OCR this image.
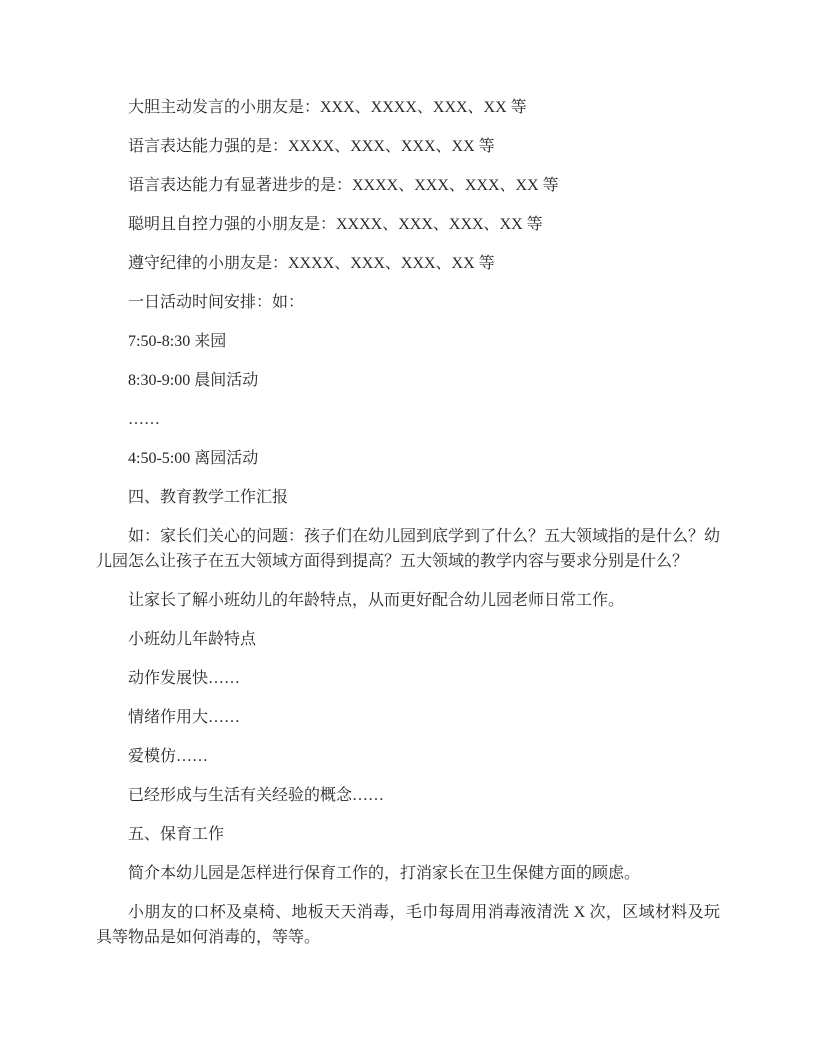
大胆主动发言的小朋友是：XXX、XXXX、XXX、XX 等

语言表达能力强的是：XXXX、XXX、XXX、XX 等

语言表达能力有显著进步的是：XXXX、XXX、XXX、XX 等

聪明且自控力强的小朋友是：XXXX、XXX、XXX、XX 等

遵守纪律的小朋友是：XXXX、XXX、XXX、XX 等

一日活动时间安排：如：

7:50-8:30 来园

8:30-9:00 晨间活动

……

4:50-5:00 离园活动

四、教育教学工作汇报

如：家长们关心的问题：孩子们在幼儿园到底学到了什么？五大领域指的是什么？幼儿园怎么让孩子在五大领域方面得到提高？五大领域的教学内容与要求分别是什么？

让家长了解小班幼儿的年龄特点，从而更好配合幼儿园老师日常工作。

小班幼儿年龄特点

动作发展快……

情绪作用大……

爱模仿……

已经形成与生活有关经验的概念……

五、保育工作

简介本幼儿园是怎样进行保育工作的，打消家长在卫生保健方面的顾虑。

小朋友的口杯及桌椅、地板天天消毒，毛巾每周用消毒液清洗 X 次，区域材料及玩具等物品是如何消毒的，等等。
